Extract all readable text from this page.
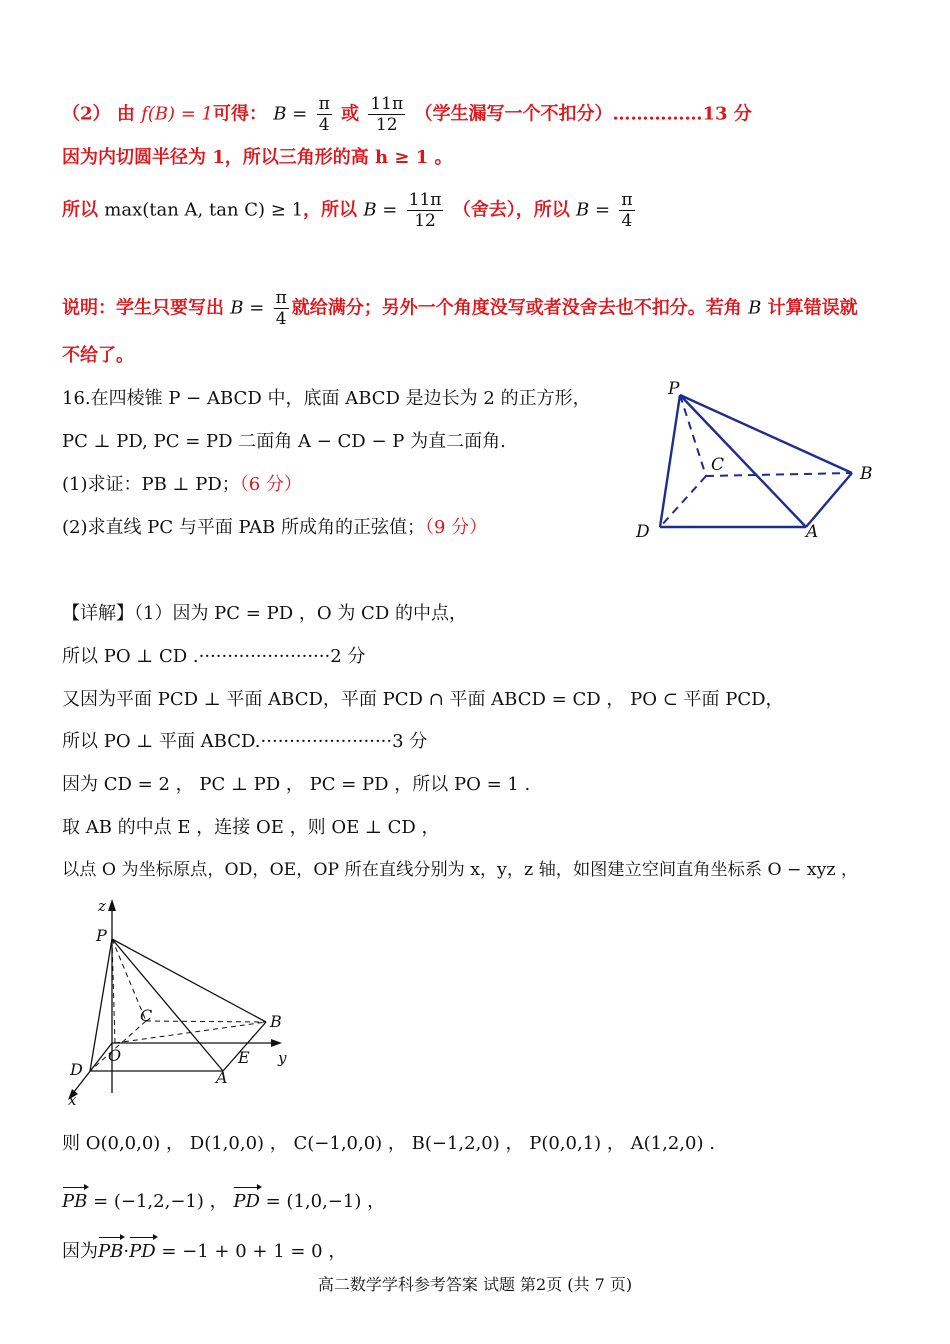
（2） 由 f(B) = 1可得： $B = \frac{\pi}{4}$ 或 $\frac{11\pi}{12}$ （学生漏写一个不扣分）……………13 分
因为内切圆半径为 1，所以三角形的高 h ≥ 1 。
所以 max(tan A, tan C) ≥ 1，所以 $B = \frac{11\pi}{12}$ （舍去），所以 $B = \frac{\pi}{4}$
说明：学生只要写出 $B = \frac{\pi}{4}$ 就给满分；另外一个角度没写或者没舍去也不扣分。若角 B 计算错误就
不给了。
16.在四棱锥 P − ABCD 中，底面 ABCD 是边长为 2 的正方形，
PC ⊥ PD, PC = PD 二面角 A − CD − P 为直二面角.
(1)求证：PB ⊥ PD；（6 分）
(2)求直线 PC 与平面 PAB 所成角的正弦值；（9 分）
P
C	B
D	A
【详解】（1）因为 PC = PD ，O 为 CD 的中点，
所以 PO ⊥ CD .·······················2 分
又因为平面 PCD ⊥ 平面 ABCD，平面 PCD ∩ 平面 ABCD = CD ， PO ⊂ 平面 PCD，
所以 PO ⊥ 平面 ABCD.·······················3 分
因为 CD = 2 ， PC ⊥ PD ， PC = PD ，所以 PO = 1 .
取 AB 的中点 E ，连接 OE ，则 OE ⊥ CD ，
以点 O 为坐标原点，OD，OE，OP 所在直线分别为 x，y，z 轴，如图建立空间直角坐标系 O − xyz ，
z
P
C	B
O	E y
D	A
x
则 O(0,0,0) ， D(1,0,0) ， C(−1,0,0) ， B(−1,2,0) ， P(0,0,1) ， A(1,2,0) .
PB = (−1,2,−1) ， PD = (1,0,−1) ，
因为PB·PD = −1 + 0 + 1 = 0 ，
高二数学学科参考答案 试题 第2页 (共 7 页)
